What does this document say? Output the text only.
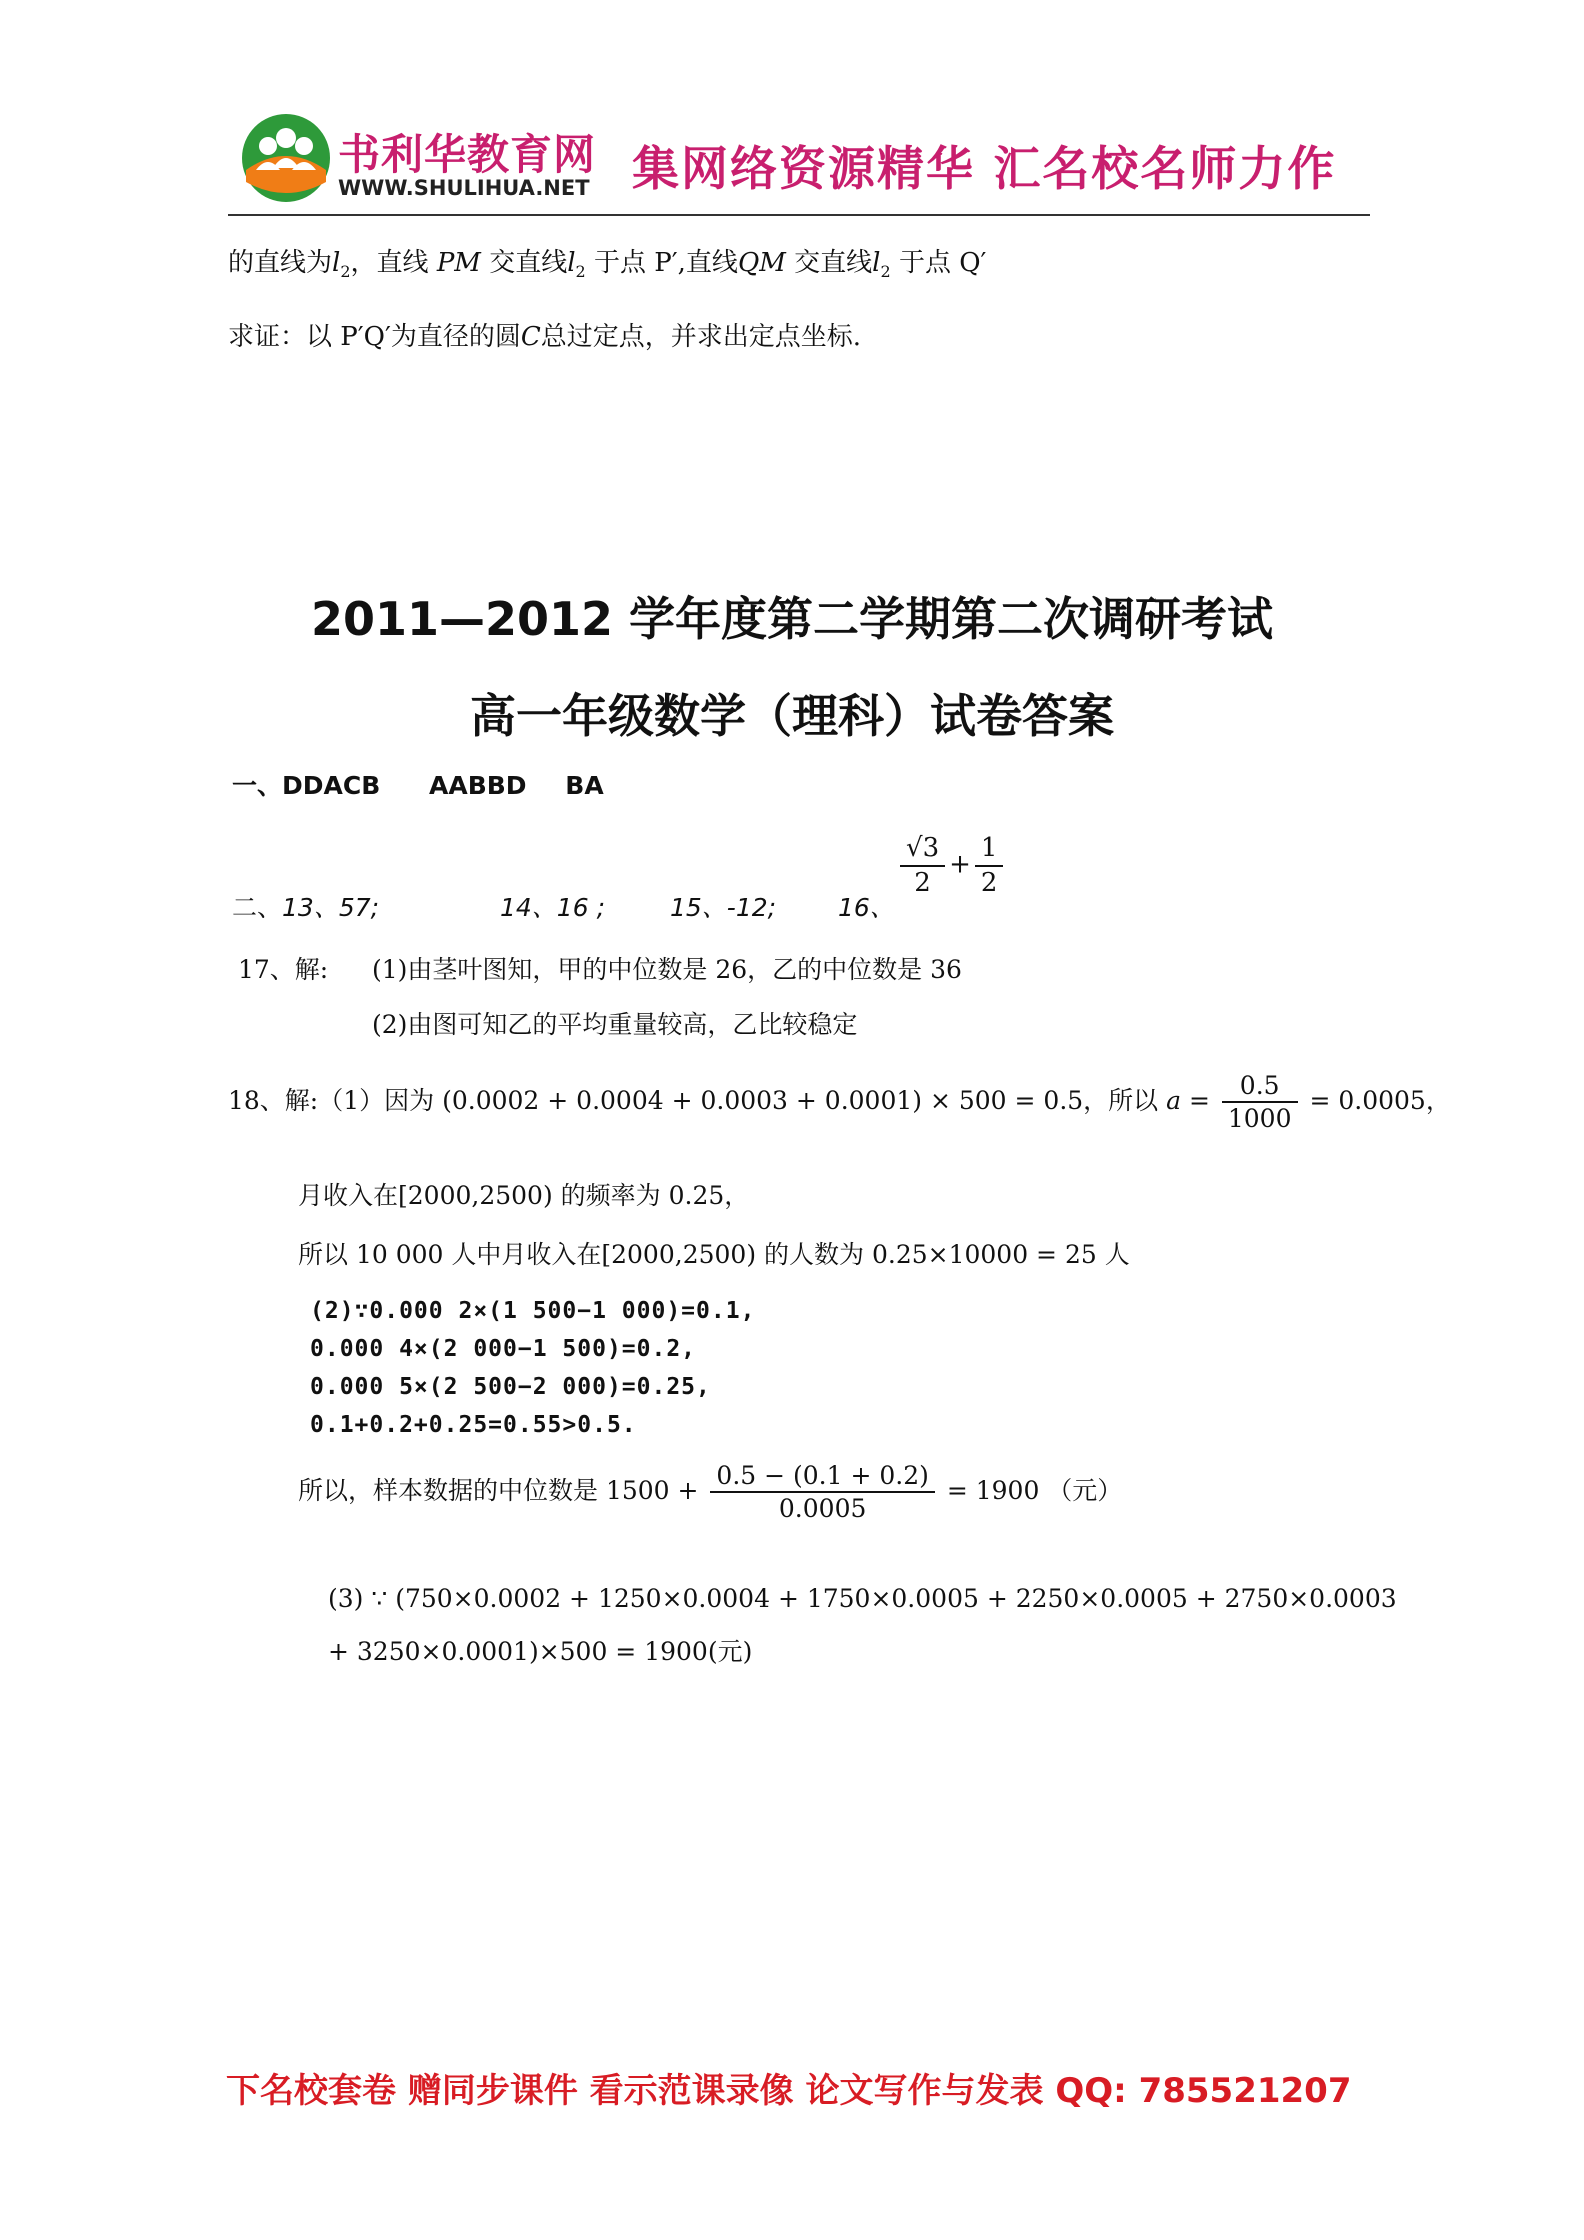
书利华教育网
WWW.SHULIHUA.NET 集网络资源精华 汇名校名师力作
的直线为$l_2$，直线 PM 交直线$l_2$ 于点 P′,直线QM 交直线$l_2$ 于点 Q′
求证：以 P′Q′为直径的圆C总过定点，并求出定点坐标.
2011—2012 学年度第二学期第二次调研考试
高一年级数学（理科）试卷答案
一、DDACB AABBD BA
二、13、57;	14、16 ;	15、-12; 16、
$\frac{√3}{2} + \frac{1}{2}$
17、解: (1)由茎叶图知，甲的中位数是 26，乙的中位数是 36
(2)由图可知乙的平均重量较高，乙比较稳定
18、解:（1）因为 (0.0002 + 0.0004 + 0.0003 + 0.0001) × 500 = 0.5，所以 $a = \frac{0.5}{1000} = 0.0005$，
月收入在[2000,2500) 的频率为 0.25，
所以 10 000 人中月收入在[2000,2500) 的人数为 0.25×10000 = 25 人
(2)∵0.000 2×(1 500−1 000)=0.1,
0.000 4×(2 000−1 500)=0.2,
0.000 5×(2 500−2 000)=0.25,
0.1+0.2+0.25=0.55>0.5.
所以，样本数据的中位数是 $1500 + \frac{0.5 - (0.1 + 0.2)}{0.0005} = 1900$ （元）
(3) ∵ (750×0.0002 + 1250×0.0004 + 1750×0.0005 + 2250×0.0005 + 2750×0.0003
+ 3250×0.0001)×500 = 1900(元)
下名校套卷 赠同步课件 看示范课录像 论文写作与发表 QQ: 785521207
